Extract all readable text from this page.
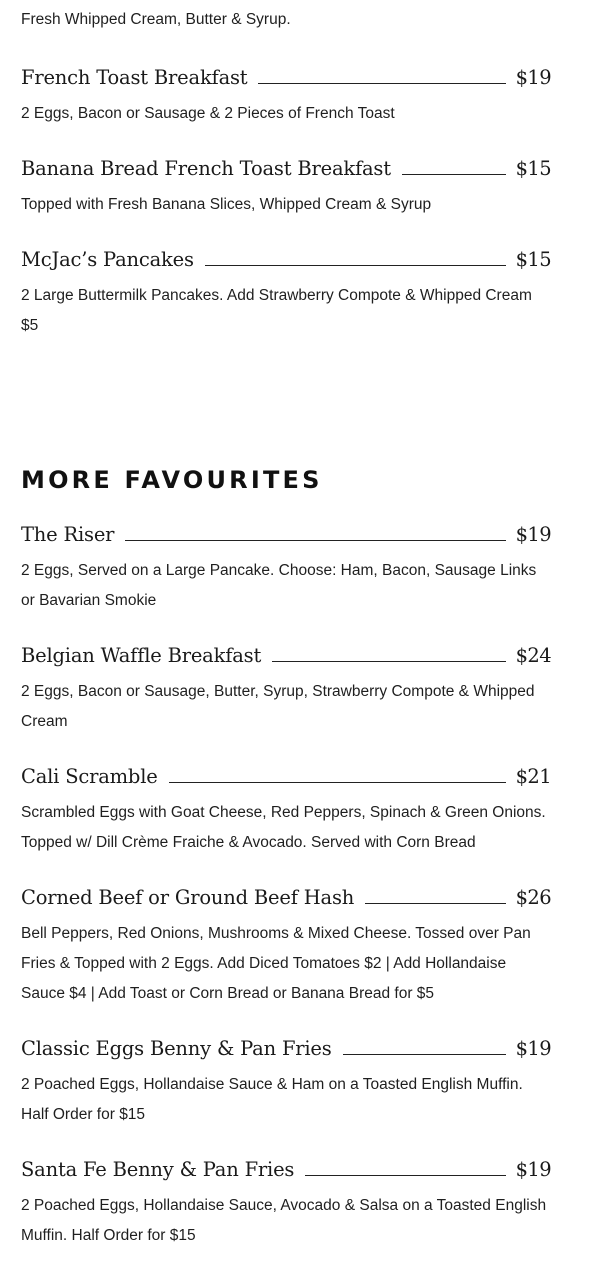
Fresh Whipped Cream, Butter & Syrup.
French Toast Breakfast	$19
2 Eggs, Bacon or Sausage & 2 Pieces of French Toast
Banana Bread French Toast Breakfast	$15
Topped with Fresh Banana Slices, Whipped Cream & Syrup
McJac’s Pancakes	$15
2 Large Buttermilk Pancakes. Add Strawberry Compote & Whipped Cream $5
MORE FAVOURITES
The Riser	$19
2 Eggs, Served on a Large Pancake. Choose: Ham, Bacon, Sausage Links or Bavarian Smokie
Belgian Waffle Breakfast	$24
2 Eggs, Bacon or Sausage, Butter, Syrup, Strawberry Compote & Whipped Cream
Cali Scramble	$21
Scrambled Eggs with Goat Cheese, Red Peppers, Spinach & Green Onions. Topped w/ Dill Crème Fraiche & Avocado. Served with Corn Bread
Corned Beef or Ground Beef Hash	$26
Bell Peppers, Red Onions, Mushrooms & Mixed Cheese. Tossed over Pan Fries & Topped with 2 Eggs. Add Diced Tomatoes $2 | Add Hollandaise Sauce $4 | Add Toast or Corn Bread or Banana Bread for $5
Classic Eggs Benny & Pan Fries	$19
2 Poached Eggs, Hollandaise Sauce & Ham on a Toasted English Muffin. Half Order for $15
Santa Fe Benny & Pan Fries	$19
2 Poached Eggs, Hollandaise Sauce, Avocado & Salsa on a Toasted English Muffin. Half Order for $15
